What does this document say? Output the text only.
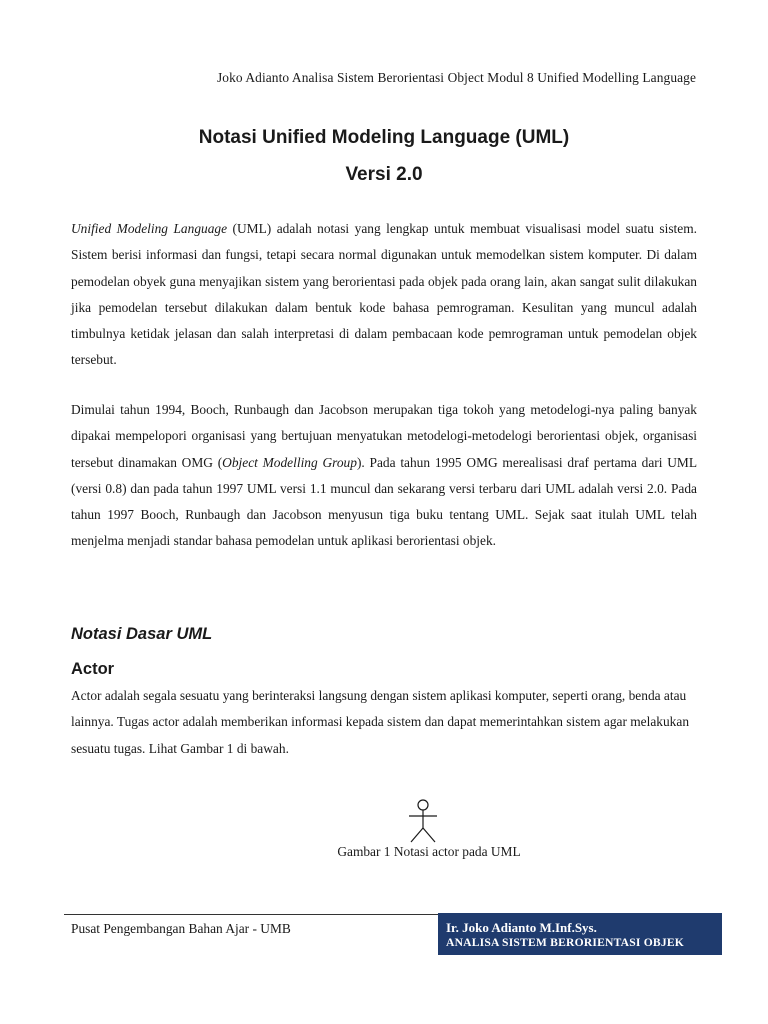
Joko Adianto Analisa Sistem Berorientasi Object Modul 8 Unified Modelling Language
Notasi Unified Modeling Language (UML)
Versi 2.0

Unified Modeling Language (UML) adalah notasi yang lengkap untuk membuat visualisasi model suatu sistem. Sistem berisi informasi dan fungsi, tetapi secara normal digunakan untuk memodelkan sistem komputer. Di dalam pemodelan obyek guna menyajikan sistem yang berorientasi pada objek pada orang lain, akan sangat sulit dilakukan jika pemodelan tersebut dilakukan dalam bentuk kode bahasa pemrograman. Kesulitan yang muncul adalah timbulnya ketidak jelasan dan salah interpretasi di dalam pembacaan kode pemrograman untuk pemodelan objek tersebut.

Dimulai tahun 1994, Booch, Runbaugh dan Jacobson merupakan tiga tokoh yang metodelogi-nya paling banyak dipakai mempelopori organisasi yang bertujuan menyatukan metodelogi-metodelogi berorientasi objek, organisasi tersebut dinamakan OMG (Object Modelling Group). Pada tahun 1995 OMG merealisasi draf pertama dari UML (versi 0.8) dan pada tahun 1997 UML versi 1.1 muncul dan sekarang versi terbaru dari UML adalah versi 2.0. Pada tahun 1997 Booch, Runbaugh dan Jacobson menyusun tiga buku tentang UML. Sejak saat itulah UML telah menjelma menjadi standar bahasa pemodelan untuk aplikasi berorientasi objek.

Notasi Dasar UML
Actor

Actor adalah segala sesuatu yang berinteraksi langsung dengan sistem aplikasi komputer, seperti orang, benda atau lainnya. Tugas actor adalah memberikan informasi kepada sistem dan dapat memerintahkan sistem agar melakukan sesuatu tugas. Lihat Gambar 1 di bawah.

Gambar 1 Notasi actor pada UML
Pusat Pengembangan Bahan Ajar - UMB	Ir. Joko Adianto M.Inf.Sys.
ANALISA SISTEM BERORIENTASI OBJEK
